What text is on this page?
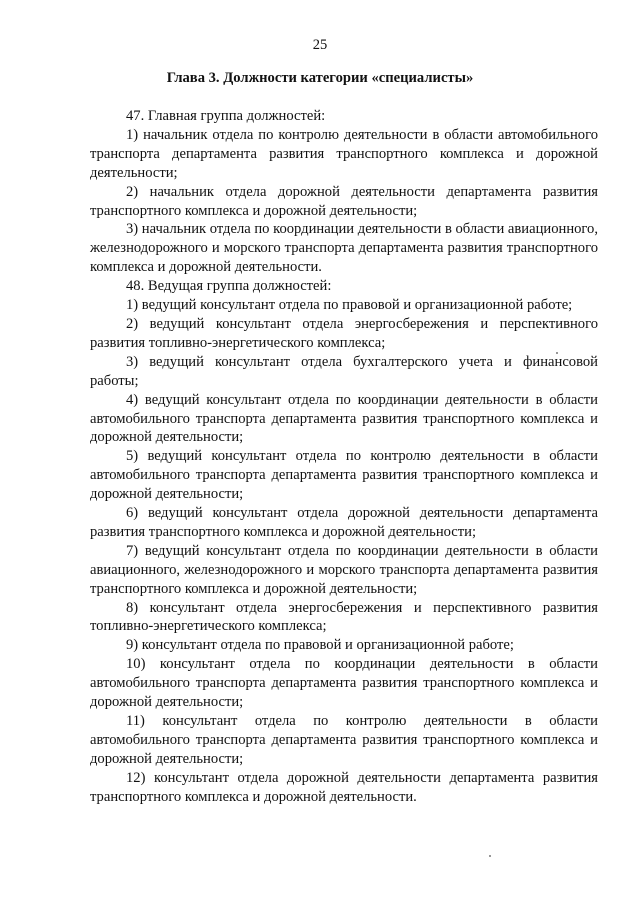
25
Глава 3. Должности категории «специалисты»

47. Главная группа должностей:

1) начальник отдела по контролю деятельности в области автомобильного транспорта департамента развития транспортного комплекса и дорожной деятельности;

2) начальник отдела дорожной деятельности департамента развития транспортного комплекса и дорожной деятельности;

3) начальник отдела по координации деятельности в области авиационного, железнодорожного и морского транспорта департамента развития транспортного комплекса и дорожной деятельности.

48. Ведущая группа должностей:

1) ведущий консультант отдела по правовой и организационной работе;

2) ведущий консультант отдела энергосбережения и перспективного развития топливно-энергетического комплекса;

3) ведущий консультант отдела бухгалтерского учета и финансовой работы;

4) ведущий консультант отдела по координации деятельности в области автомобильного транспорта департамента развития транспортного комплекса и дорожной деятельности;

5) ведущий консультант отдела по контролю деятельности в области автомобильного транспорта департамента развития транспортного комплекса и дорожной деятельности;

6) ведущий консультант отдела дорожной деятельности департамента развития транспортного комплекса и дорожной деятельности;

7) ведущий консультант отдела по координации деятельности в области авиационного, железнодорожного и морского транспорта департамента развития транспортного комплекса и дорожной деятельности;

8) консультант отдела энергосбережения и перспективного развития топливно-энергетического комплекса;

9) консультант отдела по правовой и организационной работе;

10) консультант отдела по координации деятельности в области автомобильного транспорта департамента развития транспортного комплекса и дорожной деятельности;

11) консультант отдела по контролю деятельности в области автомобильного транспорта департамента развития транспортного комплекса и дорожной деятельности;

12) консультант отдела дорожной деятельности департамента развития транспортного комплекса и дорожной деятельности.
